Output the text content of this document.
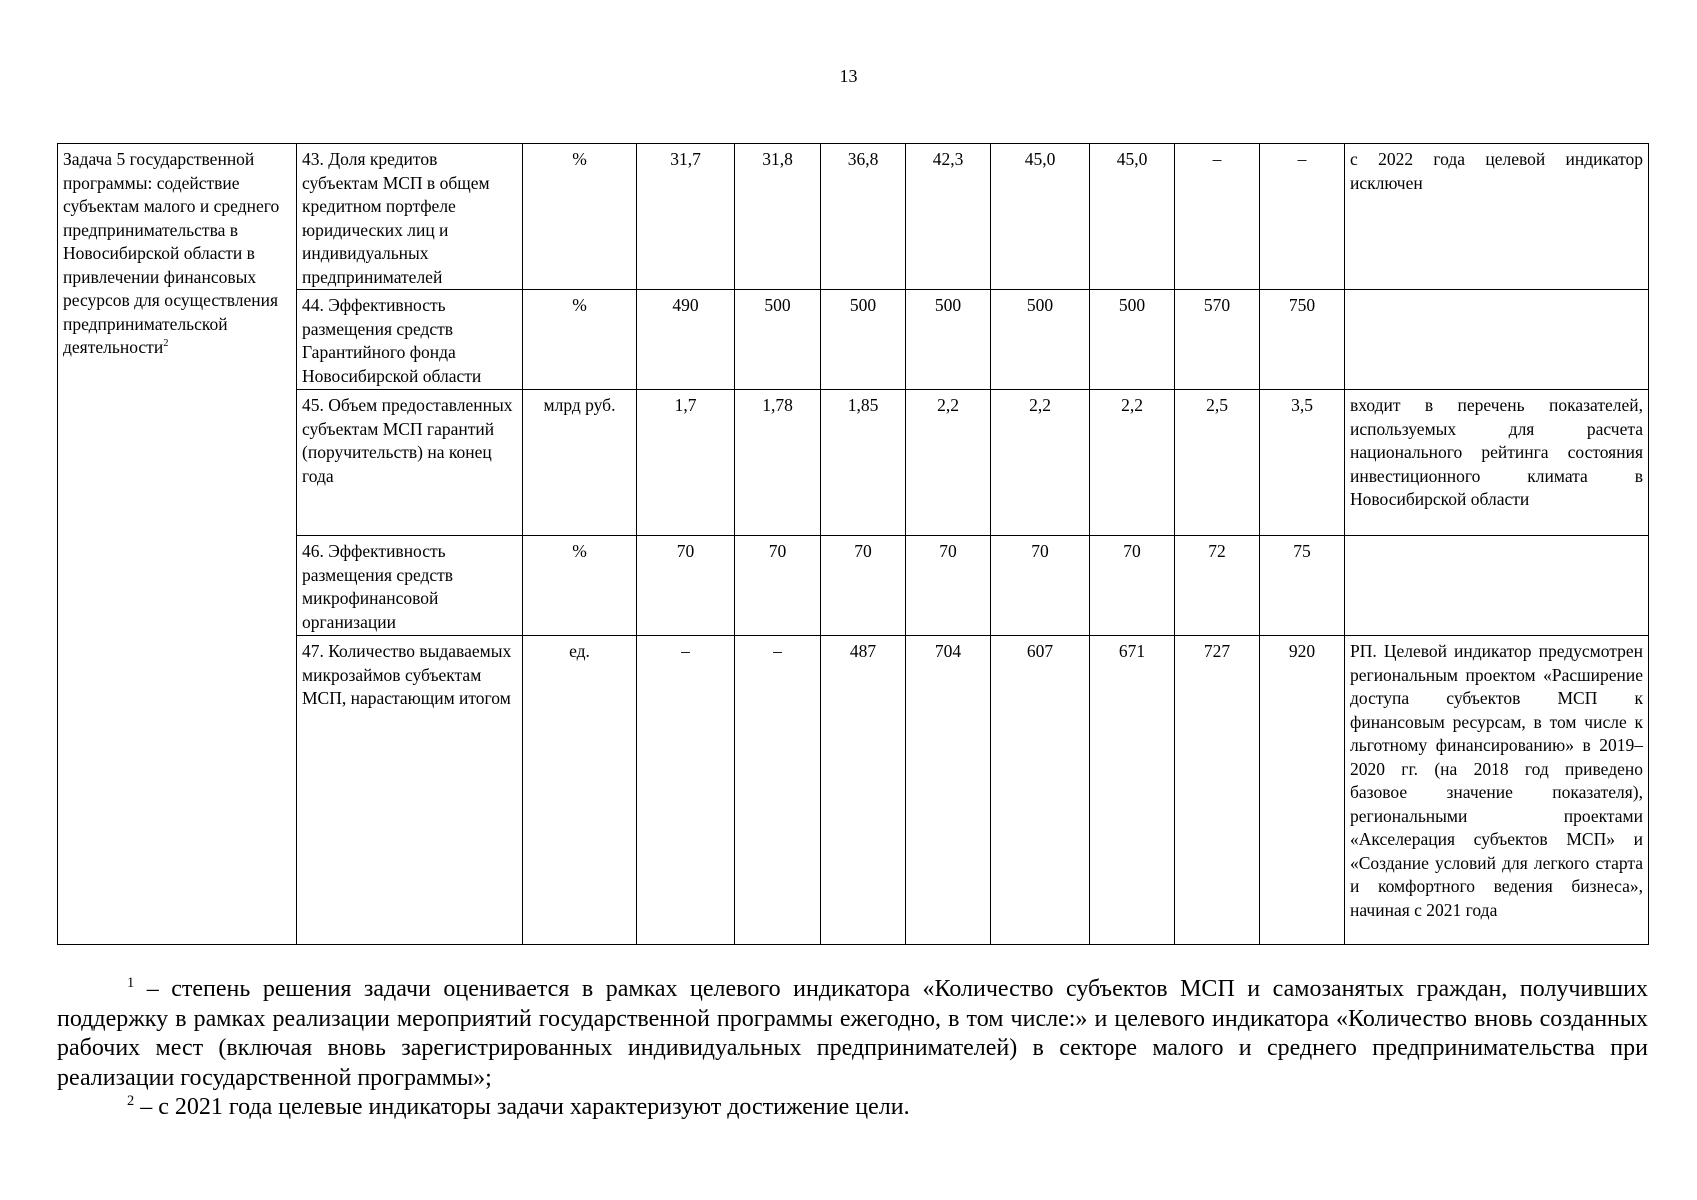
13
Задача 5 государственной программы: содействие субъектам малого и среднего предпринимательства в Новосибирской области в привлечении финансовых ресурсов для осуществления предпринимательской деятельности$^2$	43. Доля кредитов субъектам МСП в общем кредитном портфеле юридических лиц и индивидуальных предпринимателей	%	31,7	31,8	36,8	42,3	45,0	45,0	–	–	с 2022 года целевой индикатор исключен
	44. Эффективность размещения средств Гарантийного фонда Новосибирской области	%	490	500	500	500	500	500	570	750	
	45. Объем предоставленных субъектам МСП гарантий (поручительств) на конец года	млрд руб.	1,7	1,78	1,85	2,2	2,2	2,2	2,5	3,5	входит в перечень показателей, используемых для расчета национального рейтинга состояния инвестиционного климата в Новосибирской области
	46. Эффективность размещения средств микрофинансовой организации	%	70	70	70	70	70	70	72	75	
	47. Количество выдаваемых микрозаймов субъектам МСП, нарастающим итогом	ед.	–	–	487	704	607	671	727	920	РП. Целевой индикатор предусмотрен региональным проектом «Расширение доступа субъектов МСП к финансовым ресурсам, в том числе к льготному финансированию» в 2019–2020 гг. (на 2018 год приведено базовое значение показателя), региональными проектами «Акселерация субъектов МСП» и «Создание условий для легкого старта и комфортного ведения бизнеса», начиная с 2021 года

$^1$ – степень решения задачи оценивается в рамках целевого индикатора «Количество субъектов МСП и самозанятых граждан, получивших поддержку в рамках реализации мероприятий государственной программы ежегодно, в том числе:» и целевого индикатора «Количество вновь созданных рабочих мест (включая вновь зарегистрированных индивидуальных предпринимателей) в секторе малого и среднего предпринимательства при реализации государственной программы»;

$^2$ – с 2021 года целевые индикаторы задачи характеризуют достижение цели.
